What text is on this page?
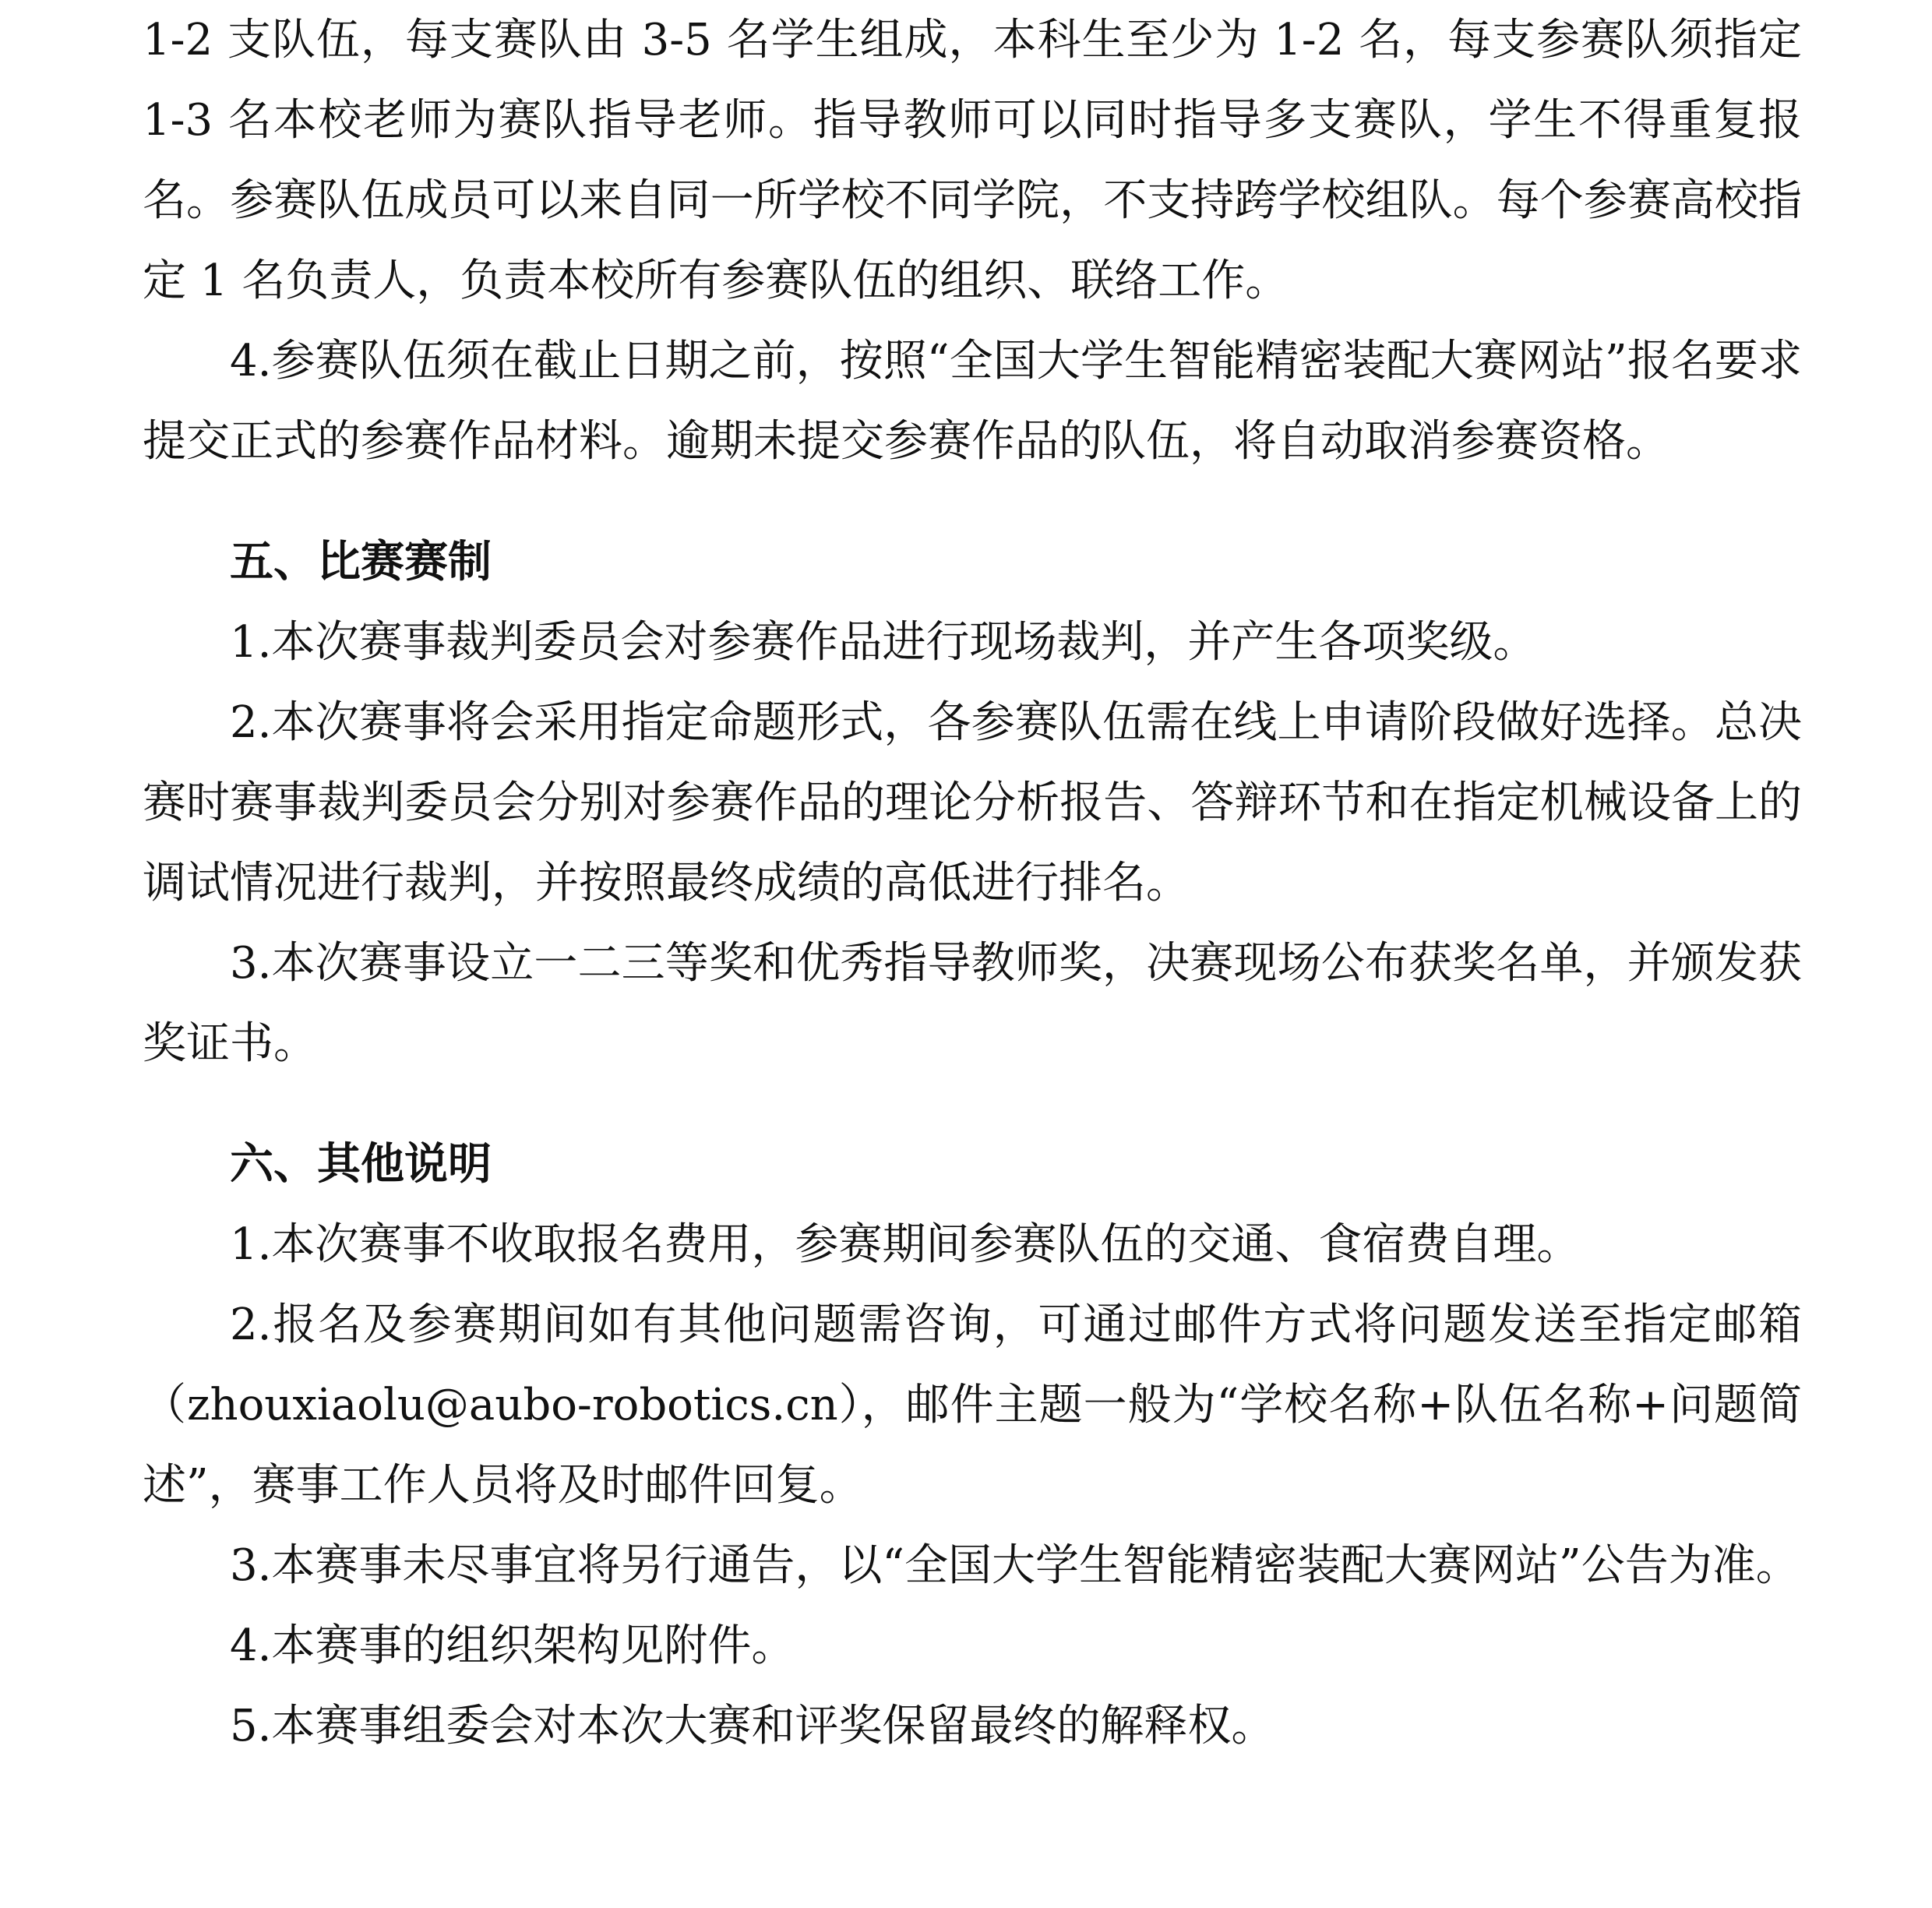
1-2 支队伍，每支赛队由 3-5 名学生组成，本科生至少为 1-2 名，每支参赛队须指定 1-3 名本校老师为赛队指导老师。指导教师可以同时指导多支赛队，学生不得重复报名。参赛队伍成员可以来自同一所学校不同学院，不支持跨学校组队。每个参赛高校指定 1 名负责人，负责本校所有参赛队伍的组织、联络工作。

4.参赛队伍须在截止日期之前，按照“全国大学生智能精密装配大赛网站”报名要求提交正式的参赛作品材料。逾期未提交参赛作品的队伍，将自动取消参赛资格。

五、比赛赛制

1.本次赛事裁判委员会对参赛作品进行现场裁判，并产生各项奖级。

2.本次赛事将会采用指定命题形式，各参赛队伍需在线上申请阶段做好选择。总决赛时赛事裁判委员会分别对参赛作品的理论分析报告、答辩环节和在指定机械设备上的调试情况进行裁判，并按照最终成绩的高低进行排名。

3.本次赛事设立一二三等奖和优秀指导教师奖，决赛现场公布获奖名单，并颁发获奖证书。

六、其他说明

1.本次赛事不收取报名费用，参赛期间参赛队伍的交通、食宿费自理。

2.报名及参赛期间如有其他问题需咨询，可通过邮件方式将问题发送至指定邮箱（zhouxiaolu@aubo-robotics.cn），邮件主题一般为“学校名称+队伍名称+问题简述”，赛事工作人员将及时邮件回复。

3.本赛事未尽事宜将另行通告，以“全国大学生智能精密装配大赛网站”公告为准。

4.本赛事的组织架构见附件。

5.本赛事组委会对本次大赛和评奖保留最终的解释权。
